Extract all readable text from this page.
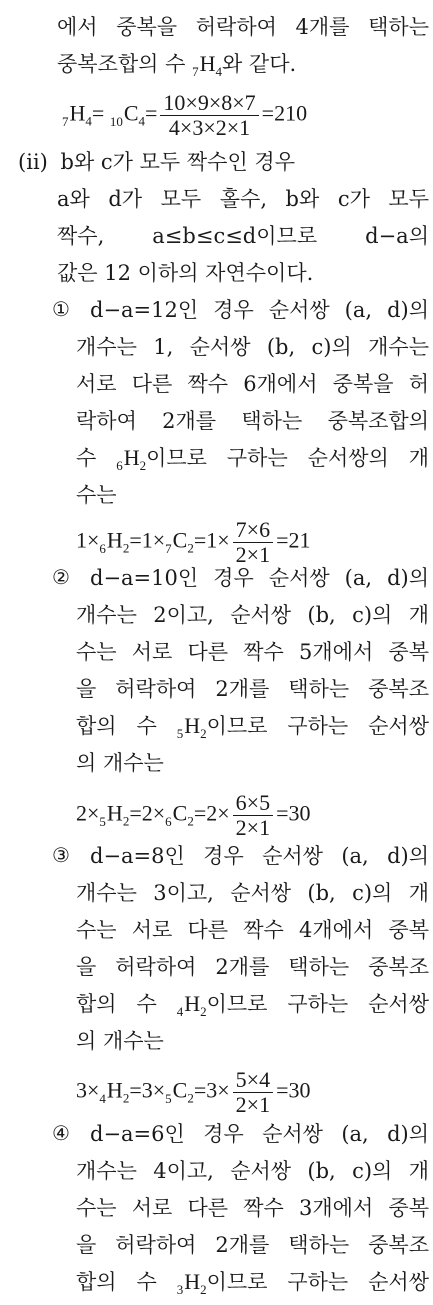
에서 중복을 허락하여 4개를 택하는
중복조합의 수 $_7H_4$와 같다.
$_7H_4= _{10}C_4= \frac{10\times 9\times 8\times 7}{4\times 3\times 2\times 1} =210$
(ⅱ) b와 c가 모두 짝수인 경우
a와 d가 모두 홀수, b와 c가 모두
짝수, a≤b≤c≤d이므로 d−a의
값은 12 이하의 자연수이다.
① d−a=12인 경우 순서쌍 (a, d)의
개수는 1, 순서쌍 (b, c)의 개수는
서로 다른 짝수 6개에서 중복을 허
락하여 2개를 택하는 중복조합의
수 $_6H_2$이므로 구하는 순서쌍의 개
수는
$1\times_6H_2=1\times_7C_2=1\times \frac{7\times 6}{2\times 1} =21$
② d−a=10인 경우 순서쌍 (a, d)의
개수는 2이고, 순서쌍 (b, c)의 개
수는 서로 다른 짝수 5개에서 중복
을 허락하여 2개를 택하는 중복조
합의 수 $_5H_2$이므로 구하는 순서쌍
의 개수는
$2\times_5H_2=2\times_6C_2=2\times \frac{6\times 5}{2\times 1} =30$
③ d−a=8인 경우 순서쌍 (a, d)의
개수는 3이고, 순서쌍 (b, c)의 개
수는 서로 다른 짝수 4개에서 중복
을 허락하여 2개를 택하는 중복조
합의 수 $_4H_2$이므로 구하는 순서쌍
의 개수는
$3\times_4H_2=3\times_5C_2=3\times \frac{5\times 4}{2\times 1} =30$
④ d−a=6인 경우 순서쌍 (a, d)의
개수는 4이고, 순서쌍 (b, c)의 개
수는 서로 다른 짝수 3개에서 중복
을 허락하여 2개를 택하는 중복조
합의 수 $_3H_2$이므로 구하는 순서쌍
